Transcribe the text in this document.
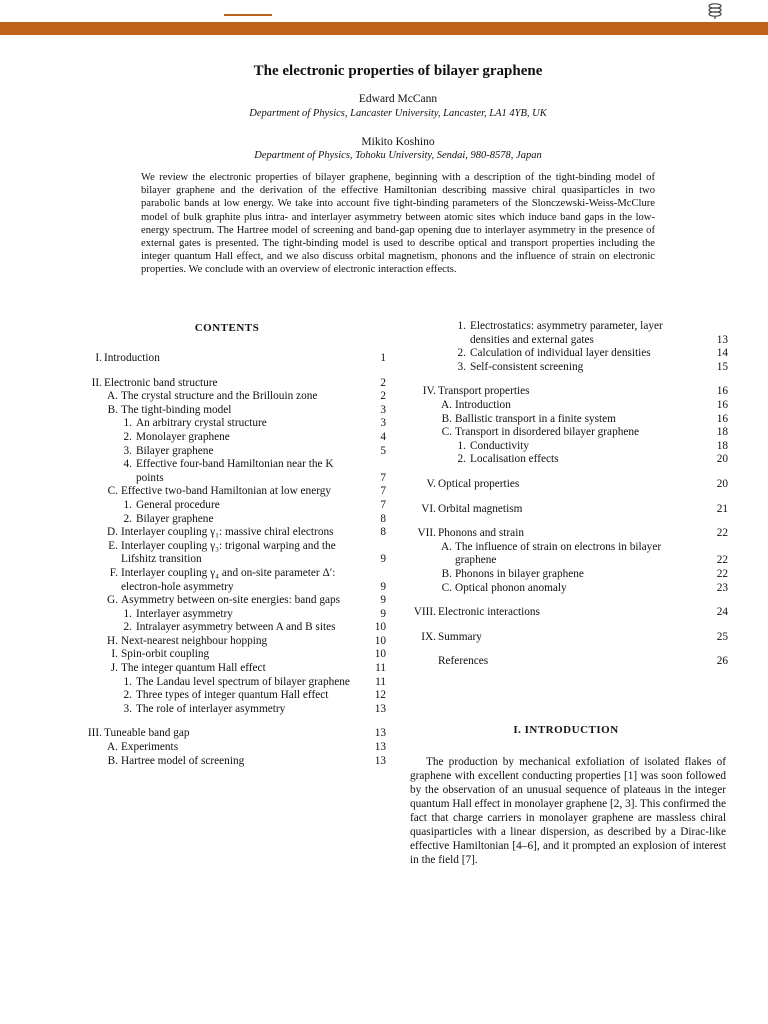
The electronic properties of bilayer graphene
Edward McCann
Department of Physics, Lancaster University, Lancaster, LA1 4YB, UK
Mikito Koshino
Department of Physics, Tohoku University, Sendai, 980-8578, Japan
We review the electronic properties of bilayer graphene, beginning with a description of the tight-binding model of bilayer graphene and the derivation of the effective Hamiltonian describing massive chiral quasiparticles in two parabolic bands at low energy. We take into account five tight-binding parameters of the Slonczewski-Weiss-McClure model of bulk graphite plus intra- and interlayer asymmetry between atomic sites which induce band gaps in the low-energy spectrum. The Hartree model of screening and band-gap opening due to interlayer asymmetry in the presence of external gates is presented. The tight-binding model is used to describe optical and transport properties including the integer quantum Hall effect, and we also discuss orbital magnetism, phonons and the influence of strain on electronic properties. We conclude with an overview of electronic interaction effects.
CONTENTS
I. Introduction	1
II. Electronic band structure	2
A. The crystal structure and the Brillouin zone	2
B. The tight-binding model	3
1. An arbitrary crystal structure	3
2. Monolayer graphene	4
3. Bilayer graphene	5
4. Effective four-band Hamiltonian near the K points	7
C. Effective two-band Hamiltonian at low energy	7
1. General procedure	7
2. Bilayer graphene	8
D. Interlayer coupling γ₁: massive chiral electrons	8
E. Interlayer coupling γ₃: trigonal warping and the Lifshitz transition	9
F. Interlayer coupling γ₄ and on-site parameter Δ′: electron-hole asymmetry	9
G. Asymmetry between on-site energies: band gaps	9
1. Interlayer asymmetry	9
2. Intralayer asymmetry between A and B sites	10
H. Next-nearest neighbour hopping	10
I. Spin-orbit coupling	10
J. The integer quantum Hall effect	11
1. The Landau level spectrum of bilayer graphene 11
2. Three types of integer quantum Hall effect	12
3. The role of interlayer asymmetry	13
III. Tuneable band gap	13
A. Experiments	13
B. Hartree model of screening	13
1. Electrostatics: asymmetry parameter, layer densities and external gates	13
2. Calculation of individual layer densities	14
3. Self-consistent screening	15
IV. Transport properties	16
A. Introduction	16
B. Ballistic transport in a finite system	16
C. Transport in disordered bilayer graphene	18
1. Conductivity	18
2. Localisation effects	20
V. Optical properties	20
VI. Orbital magnetism	21
VII. Phonons and strain	22
A. The influence of strain on electrons in bilayer graphene	22
B. Phonons in bilayer graphene	22
C. Optical phonon anomaly	23
VIII. Electronic interactions	24
IX. Summary	25
References	26
I. INTRODUCTION
The production by mechanical exfoliation of isolated flakes of graphene with excellent conducting properties [1] was soon followed by the observation of an unusual sequence of plateaus in the integer quantum Hall effect in monolayer graphene [2, 3]. This confirmed the fact that charge carriers in monolayer graphene are massless chiral quasiparticles with a linear dispersion, as described by a Dirac-like effective Hamiltonian [4–6], and it prompted an explosion of interest in the field [7].
